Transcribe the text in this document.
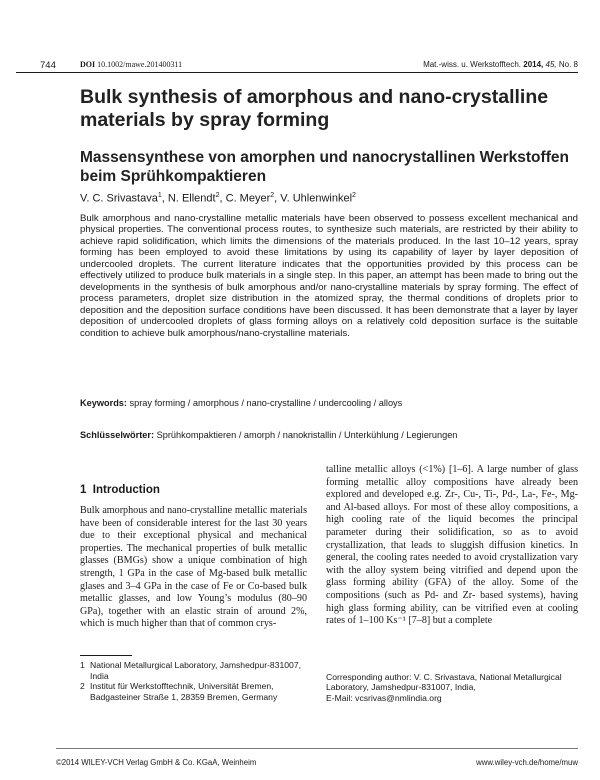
744	DOI 10.1002/mawe.201400311	Mat.-wiss. u. Werkstofftech. 2014, 45, No. 8
Bulk synthesis of amorphous and nano-crystalline materials by spray forming
Massensynthese von amorphen und nanocrystallinen Werkstoffen beim Sprühkompaktieren
V. C. Srivastava$^1$, N. Ellendt$^2$, C. Meyer$^2$, V. Uhlenwinkel$^2$
Bulk amorphous and nano-crystalline metallic materials have been observed to possess excellent mechanical and physical properties. The conventional process routes, to synthesize such materials, are restricted by their ability to achieve rapid solidification, which limits the dimensions of the materials produced. In the last 10–12 years, spray forming has been employed to avoid these limitations by using its capability of layer by layer deposition of undercooled droplets. The current literature indicates that the opportunities provided by this process can be effectively utilized to produce bulk materials in a single step. In this paper, an attempt has been made to bring out the developments in the synthesis of bulk amorphous and/or nano-crystalline materials by spray forming. The effect of process parameters, droplet size distribution in the atomized spray, the thermal conditions of droplets prior to deposition and the deposition surface conditions have been discussed. It has been demonstrate that a layer by layer deposition of undercooled droplets of glass forming alloys on a relatively cold deposition surface is the suitable condition to achieve bulk amorphous/nano-crystalline materials.
Keywords: spray forming / amorphous / nano-crystalline / undercooling / alloys
Schlüsselwörter: Sprühkompaktieren / amorph / nanokristallin / Unterkühlung / Legierungen
1 Introduction
Bulk amorphous and nano-crystalline metallic materials have been of considerable interest for the last 30 years due to their exceptional physical and mechanical properties. The mechanical properties of bulk metallic glasses (BMGs) show a unique combination of high strength, 1 GPa in the case of Mg-based bulk metallic glases and 3–4 GPa in the case of Fe or Co-based bulk metallic glasses, and low Young’s modulus (80–90 GPa), together with an elastic strain of around 2%, which is much higher than that of common crys-
talline metallic alloys (<1%) [1–6]. A large number of glass forming metallic alloy compositions have already been explored and developed e.g. Zr-, Cu-, Ti-, Pd-, La-, Fe-, Mg- and Al-based alloys. For most of these alloy compositions, a high cooling rate of the liquid becomes the principal parameter during their solidification, so as to avoid crystallization, that leads to sluggish diffusion kinetics. In general, the cooling rates needed to avoid crystallization vary with the alloy system being vitrified and depend upon the glass forming ability (GFA) of the alloy. Some of the compositions (such as Pd- and Zr- based systems), having high glass forming ability, can be vitrified even at cooling rates of 1–100 Ks⁻¹ [7–8] but a complete
1 National Metallurgical Laboratory, Jamshedpur-831007, India
2 Institut für Werkstofftechnik, Universität Bremen, Badgasteiner Straße 1, 28359 Bremen, Germany
Corresponding author: V. C. Srivastava, National Metallurgical Laboratory, Jamshedpur-831007, India,
E-Mail: vcsrivas@nmlindia.org
©2014 WILEY-VCH Verlag GmbH & Co. KGaA, Weinheim	www.wiley-vch.de/home/muw
